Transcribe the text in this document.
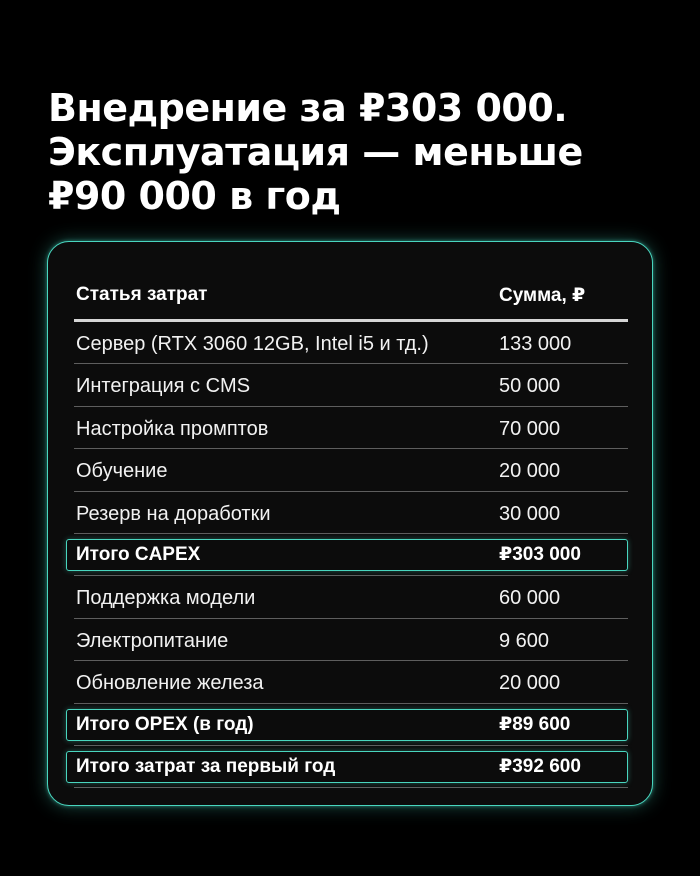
Внедрение за ₽303 000.
Эксплуатация — меньше
₽90 000 в год
Статья затрат	Сумма, ₽
Сервер (RTX 3060 12GB, Intel i5 и тд.)	133 000
Интеграция с CMS	50 000
Настройка промптов	70 000
Обучение	20 000
Резерв на доработки	30 000
Итого CAPEX	₽303 000
Поддержка модели	60 000
Электропитание	9 600
Обновление железа	20 000
Итого OPEX (в год)	₽89 600
Итого затрат за первый год	₽392 600
